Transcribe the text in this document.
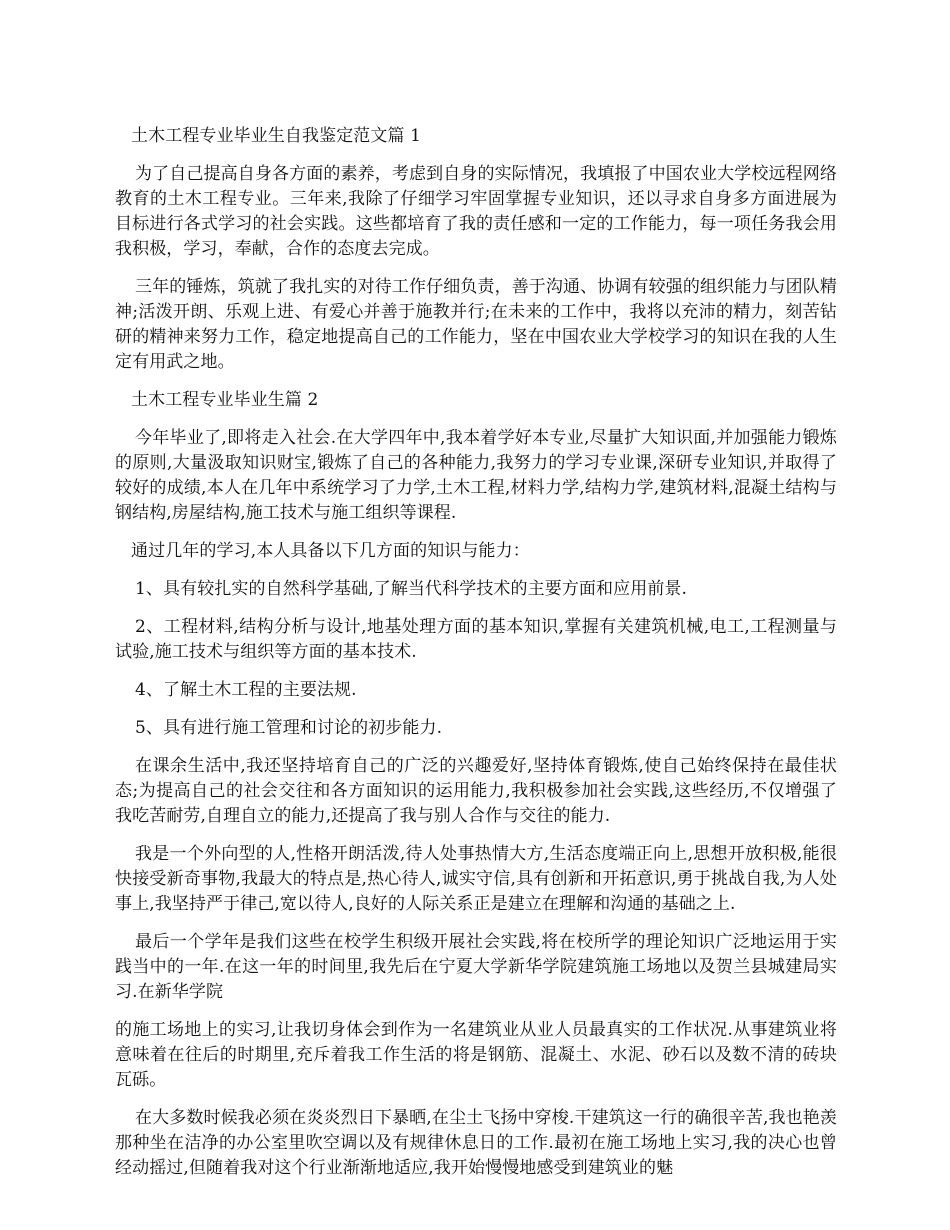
土木工程专业毕业生自我鉴定范文篇 1

为了自己提高自身各方面的素养，考虑到自身的实际情况，我填报了中国农业大学校远程网络教育的土木工程专业。三年来,我除了仔细学习牢固掌握专业知识，还以寻求自身多方面进展为目标进行各式学习的社会实践。这些都培育了我的责任感和一定的工作能力，每一项任务我会用我积极，学习，奉献，合作的态度去完成。

三年的锤炼，筑就了我扎实的对待工作仔细负责，善于沟通、协调有较强的组织能力与团队精神;活泼开朗、乐观上进、有爱心并善于施教并行;在未来的工作中，我将以充沛的精力，刻苦钻研的精神来努力工作，稳定地提高自己的工作能力，坚在中国农业大学校学习的知识在我的人生定有用武之地。

土木工程专业毕业生篇 2

今年毕业了,即将走入社会.在大学四年中,我本着学好本专业,尽量扩大知识面,并加强能力锻炼的原则,大量汲取知识财宝,锻炼了自己的各种能力,我努力的学习专业课,深研专业知识,并取得了较好的成绩,本人在几年中系统学习了力学,土木工程,材料力学,结构力学,建筑材料,混凝土结构与钢结构,房屋结构,施工技术与施工组织等课程.

通过几年的学习,本人具备以下几方面的知识与能力：

1、具有较扎实的自然科学基础,了解当代科学技术的主要方面和应用前景.

2、工程材料,结构分析与设计,地基处理方面的基本知识,掌握有关建筑机械,电工,工程测量与试验,施工技术与组织等方面的基本技术.

4、了解土木工程的主要法规.

5、具有进行施工管理和讨论的初步能力.

在课余生活中,我还坚持培育自己的广泛的兴趣爱好,坚持体育锻炼,使自己始终保持在最佳状态;为提高自己的社会交往和各方面知识的运用能力,我积极参加社会实践,这些经历,不仅增强了我吃苦耐劳,自理自立的能力,还提高了我与别人合作与交往的能力.

我是一个外向型的人,性格开朗活泼,待人处事热情大方,生活态度端正向上,思想开放积极,能很快接受新奇事物,我最大的特点是,热心待人,诚实守信,具有创新和开拓意识,勇于挑战自我,为人处事上,我坚持严于律己,宽以待人,良好的人际关系正是建立在理解和沟通的基础之上.

最后一个学年是我们这些在校学生积级开展社会实践,将在校所学的理论知识广泛地运用于实践当中的一年.在这一年的时间里,我先后在宁夏大学新华学院建筑施工场地以及贺兰县城建局实习.在新华学院

的施工场地上的实习,让我切身体会到作为一名建筑业从业人员最真实的工作状况.从事建筑业将意味着在往后的时期里,充斥着我工作生活的将是钢筋、混凝土、水泥、砂石以及数不清的砖块瓦砾。

在大多数时候我必须在炎炎烈日下暴晒,在尘土飞扬中穿梭.干建筑这一行的确很辛苦,我也艳羡那种坐在洁净的办公室里吹空调以及有规律休息日的工作.最初在施工场地上实习,我的决心也曾经动摇过,但随着我对这个行业渐渐地适应,我开始慢慢地感受到建筑业的魅
